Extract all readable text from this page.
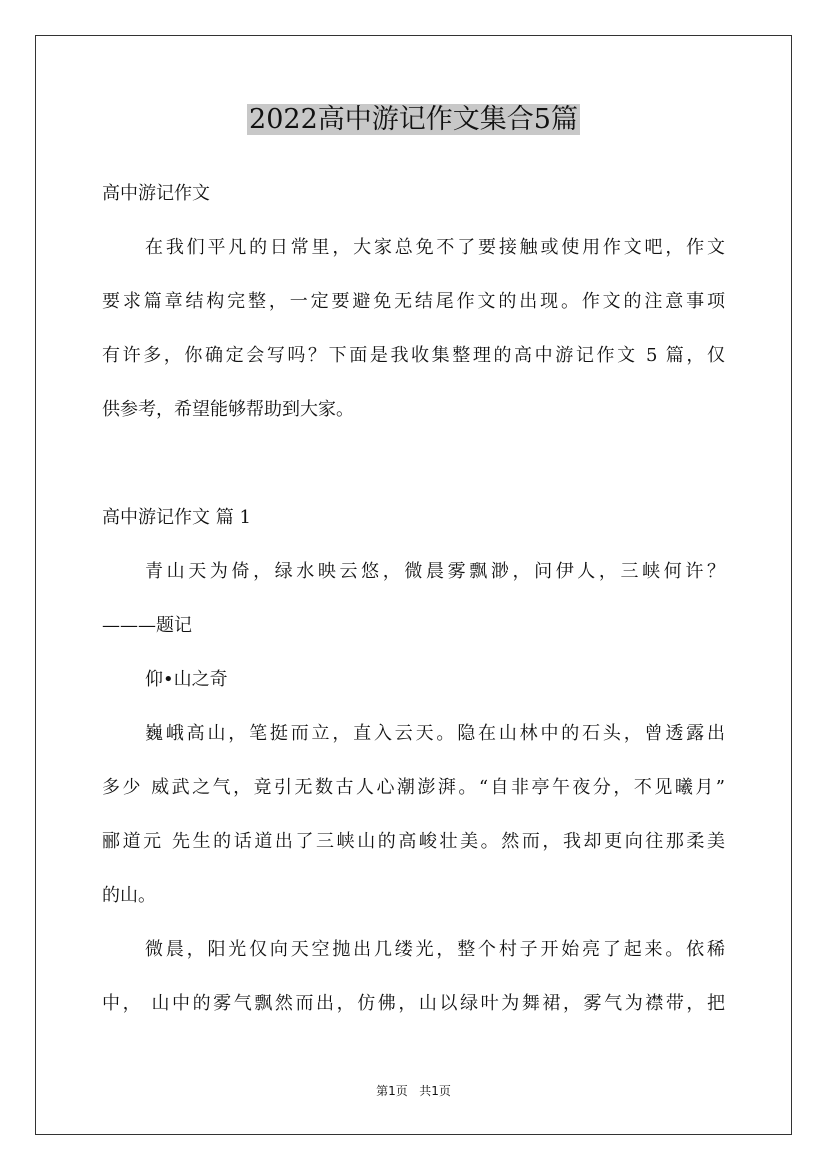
2022高中游记作文集合5篇
高中游记作文
在我们平凡的日常里，大家总免不了要接触或使用作文吧，作文
要求篇章结构完整，一定要避免无结尾作文的出现。作文的注意事项
有许多，你确定会写吗？下面是我收集整理的高中游记作文 5 篇，仅
供参考，希望能够帮助到大家。
高中游记作文 篇 1
青山天为倚，绿水映云悠，微晨雾飘渺，问伊人，三峡何许？
———题记
仰•山之奇
巍峨高山，笔挺而立，直入云天。隐在山林中的石头，曾透露出
多少 威武之气，竟引无数古人心潮澎湃。“自非亭午夜分，不见曦月”
郦道元 先生的话道出了三峡山的高峻壮美。然而，我却更向往那柔美
的山。
微晨，阳光仅向天空抛出几缕光，整个村子开始亮了起来。依稀
中， 山中的雾气飘然而出，仿佛，山以绿叶为舞裙，雾气为襟带，把
第1页 共1页
